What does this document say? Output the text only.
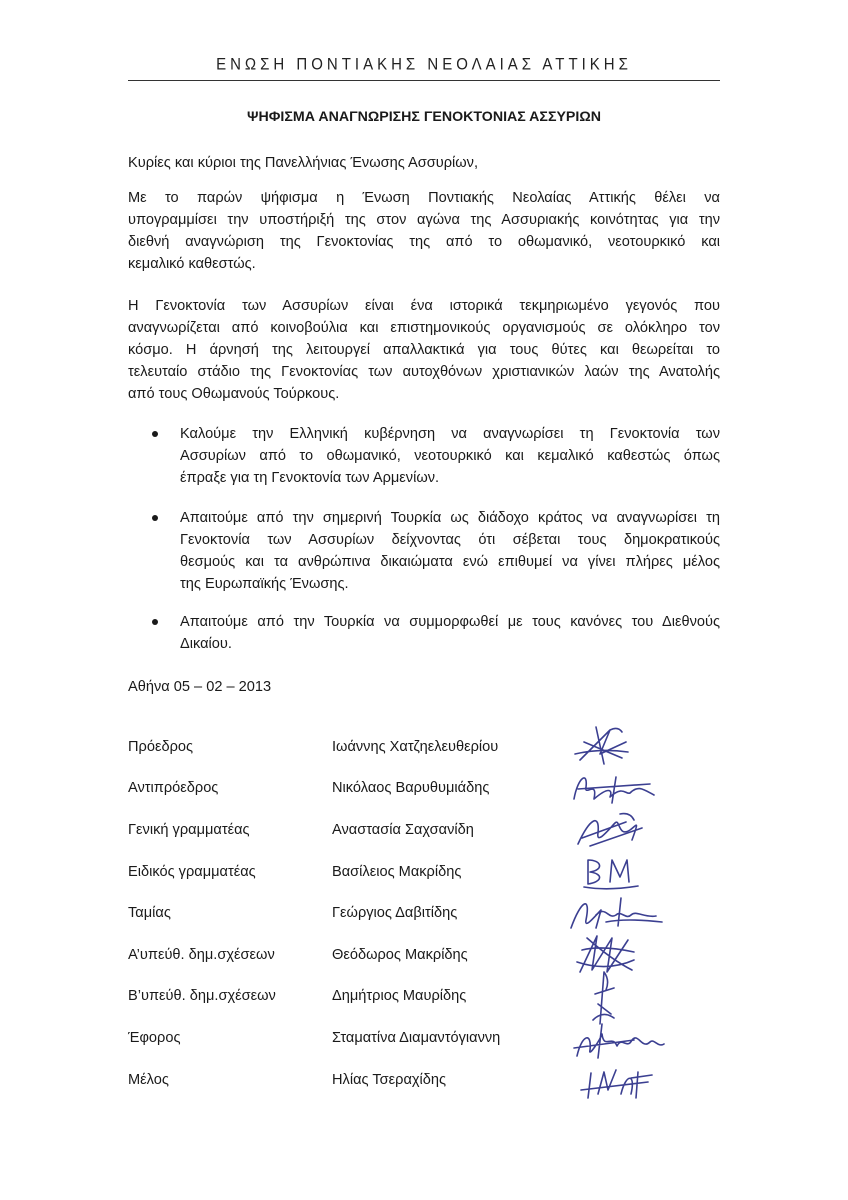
ΕΝΩΣΗ ΠΟΝΤΙΑΚΗΣ ΝΕΟΛΑΙΑΣ ΑΤΤΙΚΗΣ
ΨΗΦΙΣΜΑ ΑΝΑΓΝΩΡΙΣΗΣ ΓΕΝΟΚΤΟΝΙΑΣ ΑΣΣΥΡΙΩΝ
Κυρίες και κύριοι της Πανελλήνιας Ένωσης Ασσυρίων,
Με το παρών ψήφισμα η Ένωση Ποντιακής Νεολαίας Αττικής θέλει να
υπογραμμίσει την υποστήριξή της στον αγώνα της Ασσυριακής κοινότητας για την
διεθνή αναγνώριση της Γενοκτονίας της από το οθωμανικό, νεοτουρκικό και
κεμαλικό καθεστώς.
Η Γενοκτονία των Ασσυρίων είναι ένα ιστορικά τεκμηριωμένο γεγονός που
αναγνωρίζεται από κοινοβούλια και επιστημονικούς οργανισμούς σε ολόκληρο τον
κόσμο. Η άρνησή της λειτουργεί απαλλακτικά για τους θύτες και θεωρείται το
τελευταίο στάδιο της Γενοκτονίας των αυτοχθόνων χριστιανικών λαών της Ανατολής
από τους Οθωμανούς Τούρκους.
Καλούμε την Ελληνική κυβέρνηση να αναγνωρίσει τη Γενοκτονία των
Ασσυρίων από το οθωμανικό, νεοτουρκικό και κεμαλικό καθεστώς όπως
έπραξε για τη Γενοκτονία των Αρμενίων.
Απαιτούμε από την σημερινή Τουρκία ως διάδοχο κράτος να αναγνωρίσει τη
Γενοκτονία των Ασσυρίων δείχνοντας ότι σέβεται τους δημοκρατικούς
θεσμούς και τα ανθρώπινα δικαιώματα ενώ επιθυμεί να γίνει πλήρες μέλος
της Ευρωπαϊκής Ένωσης.
Απαιτούμε από την Τουρκία να συμμορφωθεί με τους κανόνες του Διεθνούς
Δικαίου.
Αθήνα 05 – 02 – 2013
Πρόεδρος	Ιωάννης Χατζηελευθερίου
Αντιπρόεδρος	Νικόλαος Βαρυθυμιάδης
Γενική γραμματέας	Αναστασία Σαχσανίδη
Ειδικός γραμματέας	Βασίλειος Μακρίδης
Ταμίας	Γεώργιος Δαβιτίδης
Α’υπεύθ. δημ.σχέσεων	Θεόδωρος Μακρίδης
Β’υπεύθ. δημ.σχέσεων	Δημήτριος Μαυρίδης
Έφορος	Σταματίνα Διαμαντόγιαννη
Μέλος	Ηλίας Τσεραχίδης
